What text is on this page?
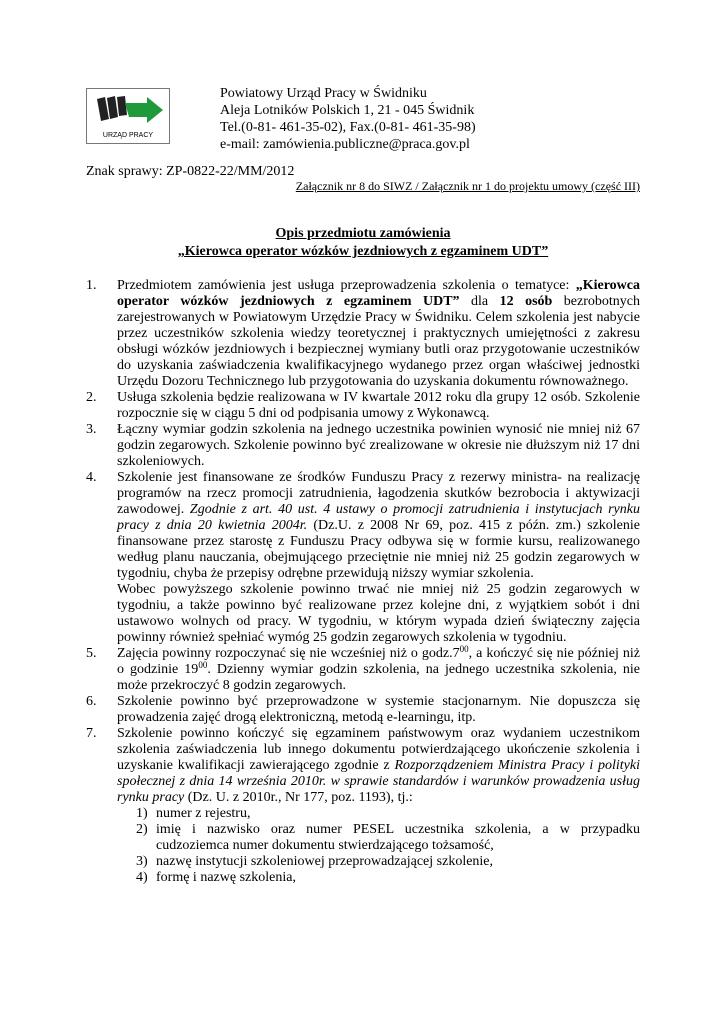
URZĄD PRACY
Powiatowy Urząd Pracy w Świdniku
Aleja Lotników Polskich 1, 21 - 045 Świdnik
Tel.(0-81- 461-35-02), Fax.(0-81- 461-35-98)
e-mail: zamówienia.publiczne@praca.gov.pl
Znak sprawy: ZP-0822-22/MM/2012
Załącznik nr 8 do SIWZ / Załącznik nr 1 do projektu umowy (część III)
Opis przedmiotu zamówienia
„Kierowca operator wózków jezdniowych z egzaminem UDT”
1.	Przedmiotem zamówienia jest usługa przeprowadzenia szkolenia o tematyce: „Kierowca operator wózków jezdniowych z egzaminem UDT” dla 12 osób bezrobotnych zarejestrowanych w Powiatowym Urzędzie Pracy w Świdniku. Celem szkolenia jest nabycie przez uczestników szkolenia wiedzy teoretycznej i praktycznych umiejętności z zakresu obsługi wózków jezdniowych i bezpiecznej wymiany butli oraz przygotowanie uczestników do uzyskania zaświadczenia kwalifikacyjnego wydanego przez organ właściwej jednostki Urzędu Dozoru Technicznego lub przygotowania do uzyskania dokumentu równoważnego.
2.	Usługa szkolenia będzie realizowana w IV kwartale 2012 roku dla grupy 12 osób. Szkolenie rozpocznie się w ciągu 5 dni od podpisania umowy z Wykonawcą.
3.	Łączny wymiar godzin szkolenia na jednego uczestnika powinien wynosić nie mniej niż 67 godzin zegarowych. Szkolenie powinno być zrealizowane w okresie nie dłuższym niż 17 dni szkoleniowych.
4.	Szkolenie jest finansowane ze środków Funduszu Pracy z rezerwy ministra- na realizację programów na rzecz promocji zatrudnienia, łagodzenia skutków bezrobocia i aktywizacji zawodowej. Zgodnie z art. 40 ust. 4 ustawy o promocji zatrudnienia i instytucjach rynku pracy z dnia 20 kwietnia 2004r. (Dz.U. z 2008 Nr 69, poz. 415 z późn. zm.) szkolenie finansowane przez starostę z Funduszu Pracy odbywa się w formie kursu, realizowanego według planu nauczania, obejmującego przeciętnie nie mniej niż 25 godzin zegarowych w tygodniu, chyba że przepisy odrębne przewidują niższy wymiar szkolenia.

Wobec powyższego szkolenie powinno trwać nie mniej niż 25 godzin zegarowych w tygodniu, a także powinno być realizowane przez kolejne dni, z wyjątkiem sobót i dni ustawowo wolnych od pracy. W tygodniu, w którym wypada dzień świąteczny zajęcia powinny również spełniać wymóg 25 godzin zegarowych szkolenia w tygodniu.

5.	Zajęcia powinny rozpoczynać się nie wcześniej niż o $godz.7^{00}$, a kończyć się nie później niż o godzinie $19^{00}$. Dzienny wymiar godzin szkolenia, na jednego uczestnika szkolenia, nie może przekroczyć 8 godzin zegarowych.
6.	Szkolenie powinno być przeprowadzone w systemie stacjonarnym. Nie dopuszcza się prowadzenia zajęć drogą elektroniczną, metodą e-learningu, itp.
7.	Szkolenie powinno kończyć się egzaminem państwowym oraz wydaniem uczestnikom szkolenia zaświadczenia lub innego dokumentu potwierdzającego ukończenie szkolenia i uzyskanie kwalifikacji zawierającego zgodnie z Rozporządzeniem Ministra Pracy i polityki społecznej z dnia 14 września 2010r. w sprawie standardów i warunków prowadzenia usług rynku pracy (Dz. U. z 2010r., Nr 177, poz. 1193), tj.:
1) numer z rejestru,
2) imię i nazwisko oraz numer PESEL uczestnika szkolenia, a w przypadku cudzoziemca numer dokumentu stwierdzającego tożsamość,
3) nazwę instytucji szkoleniowej przeprowadzającej szkolenie,
4) formę i nazwę szkolenia,
